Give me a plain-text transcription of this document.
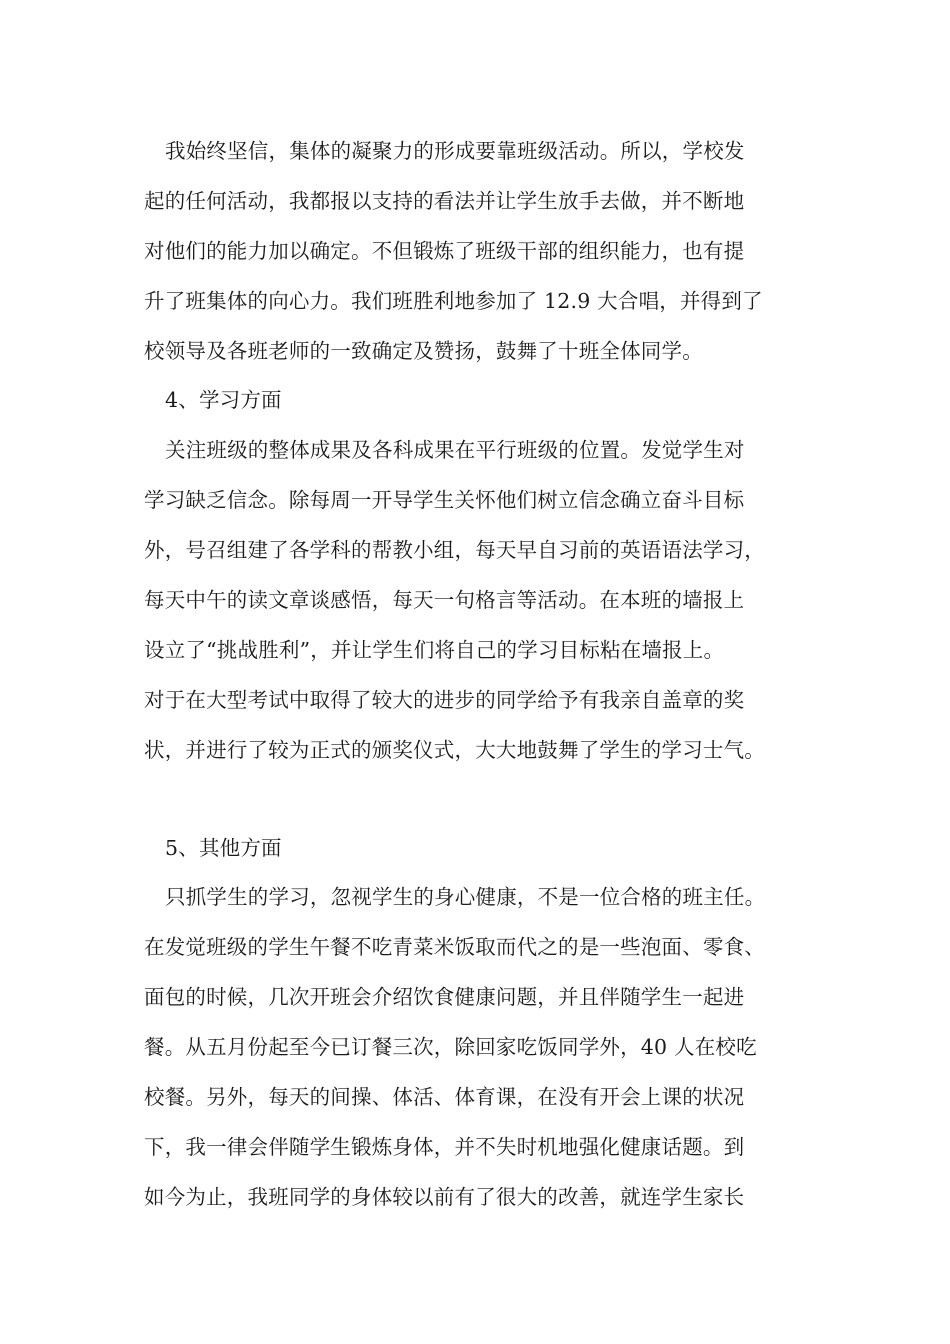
我始终坚信，集体的凝聚力的形成要靠班级活动。所以，学校发
起的任何活动，我都报以支持的看法并让学生放手去做，并不断地
对他们的能力加以确定。不但锻炼了班级干部的组织能力，也有提
升了班集体的向心力。我们班胜利地参加了 12.9 大合唱，并得到了
校领导及各班老师的一致确定及赞扬，鼓舞了十班全体同学。
4、学习方面
关注班级的整体成果及各科成果在平行班级的位置。发觉学生对
学习缺乏信念。除每周一开导学生关怀他们树立信念确立奋斗目标
外，号召组建了各学科的帮教小组，每天早自习前的英语语法学习，
每天中午的读文章谈感悟，每天一句格言等活动。在本班的墙报上
设立了“挑战胜利”，并让学生们将自己的学习目标粘在墙报上。
对于在大型考试中取得了较大的进步的同学给予有我亲自盖章的奖
状，并进行了较为正式的颁奖仪式，大大地鼓舞了学生的学习士气。
5、其他方面
只抓学生的学习，忽视学生的身心健康，不是一位合格的班主任。
在发觉班级的学生午餐不吃青菜米饭取而代之的是一些泡面、零食、
面包的时候，几次开班会介绍饮食健康问题，并且伴随学生一起进
餐。从五月份起至今已订餐三次，除回家吃饭同学外，40 人在校吃
校餐。另外，每天的间操、体活、体育课，在没有开会上课的状况
下，我一律会伴随学生锻炼身体，并不失时机地强化健康话题。到
如今为止，我班同学的身体较以前有了很大的改善，就连学生家长
